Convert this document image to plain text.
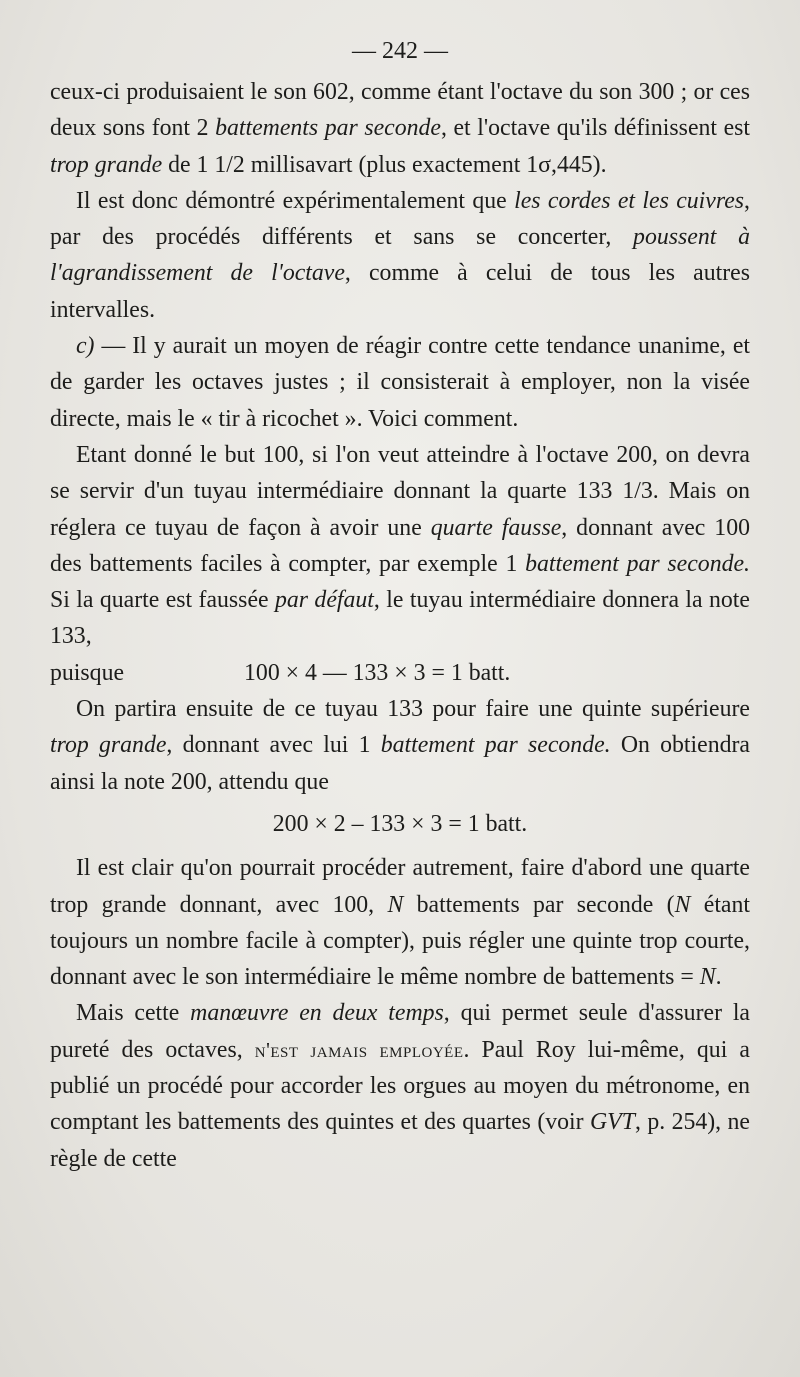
— 242 —

ceux-ci produisaient le son 602, comme étant l'octave du son 300 ; or ces deux sons font 2 battements par seconde, et l'octave qu'ils définissent est trop grande de 1 1/2 millisavart (plus exactement 1σ,445).

Il est donc démontré expérimentalement que les cordes et les cuivres, par des procédés différents et sans se concerter, poussent à l'agrandissement de l'octave, comme à celui de tous les autres intervalles.

c) — Il y aurait un moyen de réagir contre cette tendance unanime, et de garder les octaves justes ; il consisterait à employer, non la visée directe, mais le « tir à ricochet ». Voici comment.

Etant donné le but 100, si l'on veut atteindre à l'octave 200, on devra se servir d'un tuyau intermédiaire donnant la quarte 133 1/3. Mais on réglera ce tuyau de façon à avoir une quarte fausse, donnant avec 100 des battements faciles à compter, par exemple 1 battement par seconde. Si la quarte est faussée par défaut, le tuyau intermédiaire donnera la note 133,

puisque	100 × 4 — 133 × 3 = 1 batt.

On partira ensuite de ce tuyau 133 pour faire une quinte supérieure trop grande, donnant avec lui 1 battement par seconde. On obtiendra ainsi la note 200, attendu que

200 × 2 – 133 × 3 = 1 batt.

Il est clair qu'on pourrait procéder autrement, faire d'abord une quarte trop grande donnant, avec 100, N battements par seconde (N étant toujours un nombre facile à compter), puis régler une quinte trop courte, donnant avec le son intermédiaire le même nombre de battements = N.

Mais cette manœuvre en deux temps, qui permet seule d'assurer la pureté des octaves, n'est jamais employée. Paul Roy lui-même, qui a publié un procédé pour accorder les orgues au moyen du métronome, en comptant les battements des quintes et des quartes (voir GVT, p. 254), ne règle de cette
